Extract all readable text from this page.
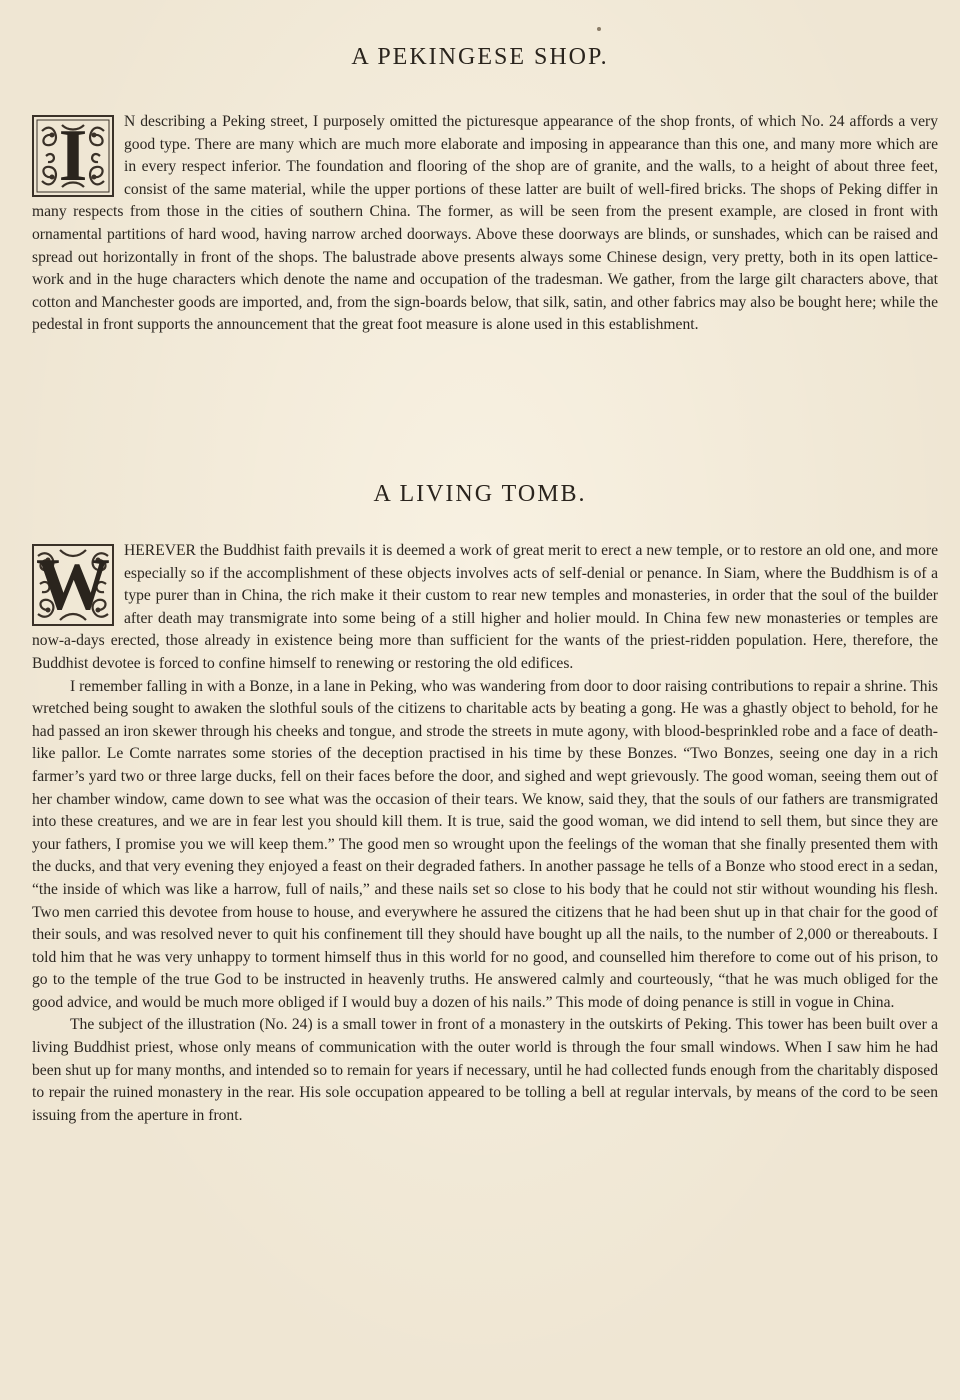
A PEKINGESE SHOP.

I	N describing a Peking street, I purposely omitted the picturesque appearance of the shop fronts, of which No. 24 affords a very good type. There are many which are much more elaborate and imposing in appearance than this one, and many more which are in every respect inferior. The foundation and flooring of the shop are of granite, and the walls, to a height of about three feet, consist of the same material, while the upper portions of these latter are built of well-fired bricks. The shops of Peking differ in many respects from those in the cities of southern China. The former, as will be seen from the present example, are closed in front with ornamental partitions of hard wood, having narrow arched doorways. Above these doorways are blinds, or sunshades, which can be raised and spread out horizontally in front of the shops. The balustrade above presents always some Chinese design, very pretty, both in its open lattice-work and in the huge characters which denote the name and occupation of the tradesman. We gather, from the large gilt characters above, that cotton and Manchester goods are imported, and, from the sign-boards below, that silk, satin, and other fabrics may also be bought here; while the pedestal in front supports the announcement that the great foot measure is alone used in this establishment.

A LIVING TOMB.

W HEREVER the Buddhist faith prevails it is deemed a work of great merit to erect a new temple, or to restore an old one, and more especially so if the accomplishment of these objects involves acts of self-denial or penance. In Siam, where the Buddhism is of a type purer than in China, the rich make it their custom to rear new temples and monasteries, in order that the soul of the builder after death may transmigrate into some being of a still higher and holier mould. In China few new monasteries or temples are now-a-days erected, those already in existence being more than sufficient for the wants of the priest-ridden population. Here, therefore, the Buddhist devotee is forced to confine himself to renewing or restoring the old edifices.

I remember falling in with a Bonze, in a lane in Peking, who was wandering from door to door raising contributions to repair a shrine. This wretched being sought to awaken the slothful souls of the citizens to charitable acts by beating a gong. He was a ghastly object to behold, for he had passed an iron skewer through his cheeks and tongue, and strode the streets in mute agony, with blood-besprinkled robe and a face of death-like pallor. Le Comte narrates some stories of the deception practised in his time by these Bonzes. “Two Bonzes, seeing one day in a rich farmer’s yard two or three large ducks, fell on their faces before the door, and sighed and wept grievously. The good woman, seeing them out of her chamber window, came down to see what was the occasion of their tears. We know, said they, that the souls of our fathers are transmigrated into these creatures, and we are in fear lest you should kill them. It is true, said the good woman, we did intend to sell them, but since they are your fathers, I promise you we will keep them.” The good men so wrought upon the feelings of the woman that she finally presented them with the ducks, and that very evening they enjoyed a feast on their degraded fathers. In another passage he tells of a Bonze who stood erect in a sedan, “the inside of which was like a harrow, full of nails,” and these nails set so close to his body that he could not stir without wounding his flesh. Two men carried this devotee from house to house, and everywhere he assured the citizens that he had been shut up in that chair for the good of their souls, and was resolved never to quit his confinement till they should have bought up all the nails, to the number of 2,000 or thereabouts. I told him that he was very unhappy to torment himself thus in this world for no good, and counselled him therefore to come out of his prison, to go to the temple of the true God to be instructed in heavenly truths. He answered calmly and courteously, “that he was much obliged for the good advice, and would be much more obliged if I would buy a dozen of his nails.” This mode of doing penance is still in vogue in China.

The subject of the illustration (No. 24) is a small tower in front of a monastery in the outskirts of Peking. This tower has been built over a living Buddhist priest, whose only means of communication with the outer world is through the four small windows. When I saw him he had been shut up for many months, and intended so to remain for years if necessary, until he had collected funds enough from the charitably disposed to repair the ruined monastery in the rear. His sole occupation appeared to be tolling a bell at regular intervals, by means of the cord to be seen issuing from the aperture in front.
